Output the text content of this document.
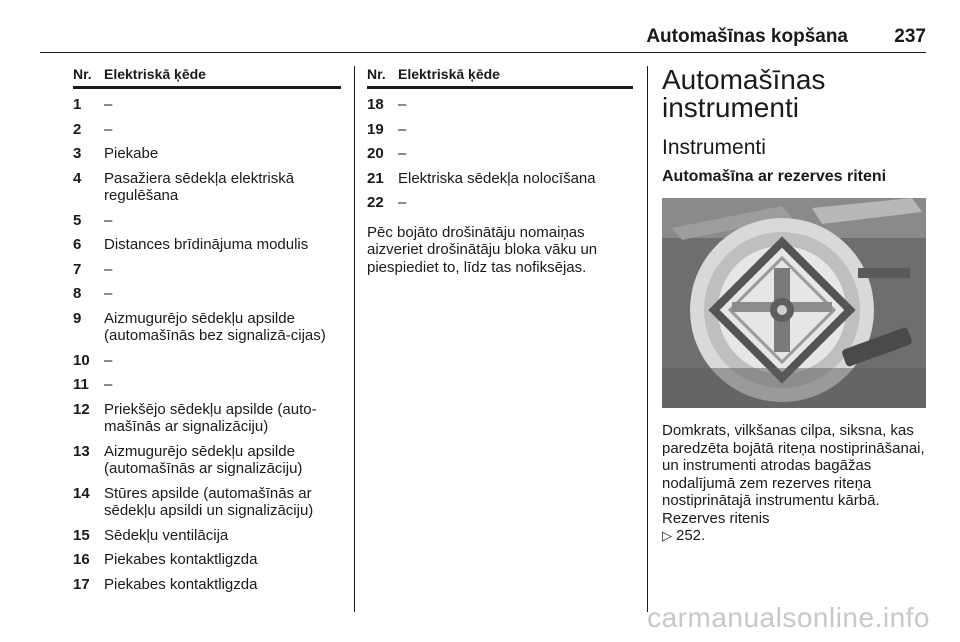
Automašīnas kopšana 237
Nr. Elektriskā ķēde
1	–
2	–
3	Piekabe
4	Pasažiera sēdekļa elektriskā regulēšana
5	–
6	Distances brīdinājuma modulis
7	–
8	–
9	Aizmugurējo sēdekļu apsilde (automašīnās bez signalizā-cijas)
10 –
11	–
12 Priekšējo sēdekļu apsilde (auto-mašīnās ar signalizāciju)
13 Aizmugurējo sēdekļu apsilde (automašīnās ar signalizāciju)
14 Stūres apsilde (automašīnās ar sēdekļu apsildi un signalizāciju)
15 Sēdekļu ventilācija
16 Piekabes kontaktligzda
17 Piekabes kontaktligzda
Nr. Elektriskā ķēde
18 –
19 –
20 –
21 Elektriska sēdekļa nolocīšana
22 –
Pēc bojāto drošinātāju nomaiņas aizveriet drošinātāju bloka vāku un piespiediet to, līdz tas nofiksējas.
Automašīnas instrumenti
Instrumenti
Automašīna ar rezerves riteni
Domkrats, vilkšanas cilpa, siksna, kas paredzēta bojātā riteņa nostiprināšanai, un instrumenti atrodas bagāžas nodalījumā zem rezerves riteņa nostiprinātajā instrumentu kārbā. Rezerves ritenis
▷ 252.
carmanualsonline.info
